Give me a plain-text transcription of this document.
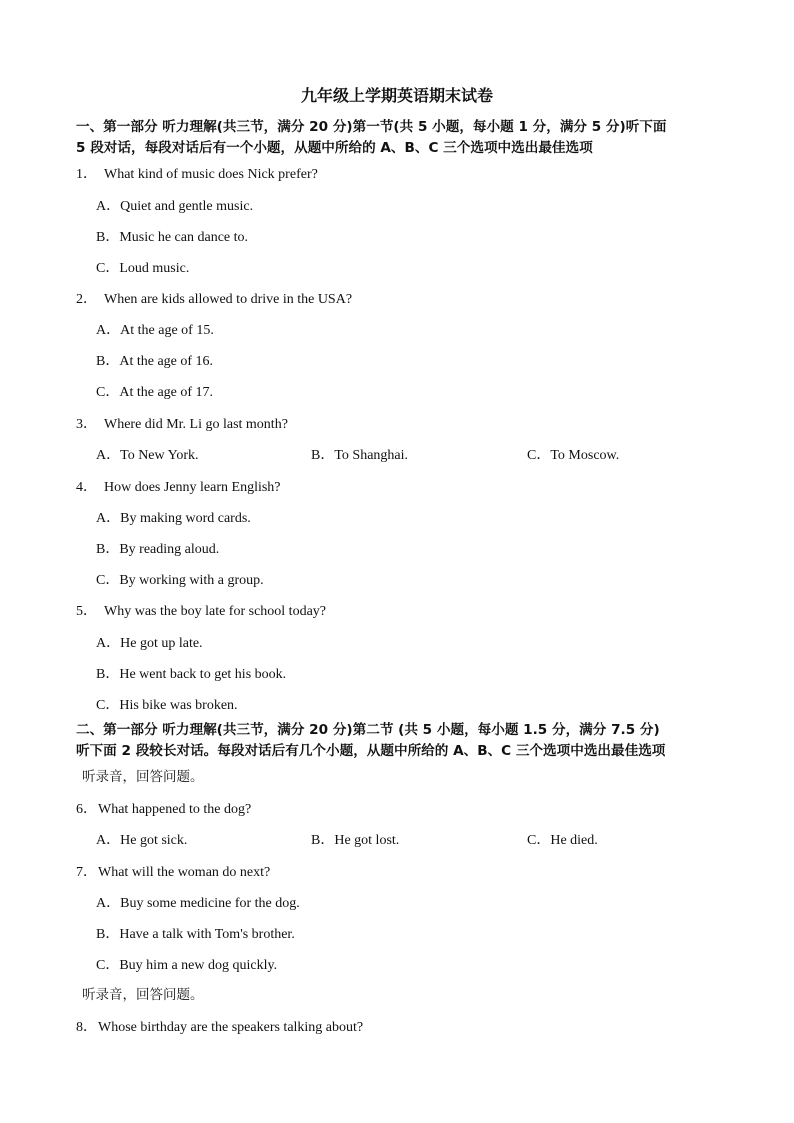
九年级上学期英语期末试卷
一、第一部分 听力理解(共三节，满分 20 分)第一节(共 5 小题，每小题 1 分，满分 5 分)听下面
5 段对话，每段对话后有一个小题，从题中所给的 A、B、C 三个选项中选出最佳选项
1． What kind of music does Nick prefer?
A．Quiet and gentle music.
B．Music he can dance to.
C．Loud music.
2． When are kids allowed to drive in the USA?
A．At the age of 15.
B．At the age of 16.
C．At the age of 17.
3． Where did Mr. Li go last month?
A．To New York.	B．To Shanghai.	C．To Moscow.
4． How does Jenny learn English?
A．By making word cards.
B．By reading aloud.
C．By working with a group.
5． Why was the boy late for school today?
A．He got up late.
B．He went back to get his book.
C．His bike was broken.
二、第一部分 听力理解(共三节，满分 20 分)第二节 (共 5 小题，每小题 1.5 分，满分 7.5 分)
听下面 2 段较长对话。每段对话后有几个小题，从题中所给的 A、B、C 三个选项中选出最佳选项
听录音，回答问题。
6．What happened to the dog?
A．He got sick.	B．He got lost.	C．He died.
7．What will the woman do next?
A．Buy some medicine for the dog.
B．Have a talk with Tom's brother.
C．Buy him a new dog quickly.
听录音，回答问题。
8．Whose birthday are the speakers talking about?
